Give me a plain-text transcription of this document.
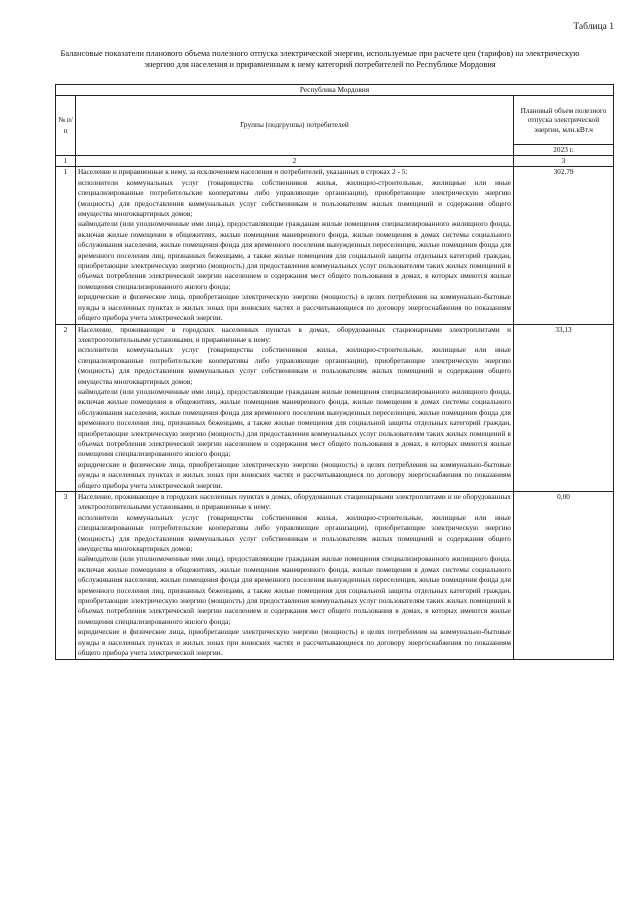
Таблица 1
Балансовые показатели планового объема полезного отпуска электрической энергии, используемые при расчете цен (тарифов) на электрическую энергию для населения и приравненным к нему категорий потребителей по Республике Мордовия
Республика Мордовия		
№ п/п	Группы (подгруппы) потребителей	Плановый объем полезного отпуска электрической энергии, млн.кВт.ч
		2023 г.
1	2	3
1	Население и приравненные к нему, за исключением населения и потребителей, указанных в строках 2 - 5:
исполнители коммунальных услуг (товарищества собственников жилья, жилищно-строительные, жилищные или иные специализированные потребительские кооперативы либо управляющие организации), приобретающие электрическую энергию (мощность) для предоставления коммунальных услуг собственникам и пользователям жилых помещений и содержания общего имущества многоквартирных домов;
наймодатели (или уполномоченные ими лица), предоставляющие гражданам жилые помещения специализированного жилищного фонда, включая жилые помещения в общежитиях, жилые помещения маневренного фонда, жилые помещения в домах системы социального обслуживания населения, жилые помещения фонда для временного поселения вынужденных переселенцев, жилые помещения фонда для временного поселения лиц, признанных беженцами, а также жилые помещения для социальной защиты отдельных категорий граждан, приобретающие электрическую энергию (мощность) для предоставления коммунальных услуг пользователям таких жилых помещений в объемах потребления электрической энергии населением и содержания мест общего пользования в домах, в которых имеются жилые помещения специализированного жилого фонда;
юридические и физические лица, приобретающие электрическую энергию (мощность) в целях потребления на коммунально-бытовые нужды в населенных пунктах и жилых зонах при воинских частях и рассчитывающиеся по договору энергоснабжения по показаниям общего прибора учета электрической энергии.	302,79
2	Население, проживающее в городских населенных пунктах в домах, оборудованных стационарными электроплитами и электроотопительными установками, и приравненные к нему:
исполнители коммунальных услуг (товарищества собственников жилья, жилищно-строительные, жилищные или иные специализированные потребительские кооперативы либо управляющие организации), приобретающие электрическую энергию (мощность) для предоставления коммунальных услуг собственникам и пользователям жилых помещений и содержания общего имущества многоквартирных домов;
наймодатели (или уполномоченные ими лица), предоставляющие гражданам жилые помещения специализированного жилищного фонда, включая жилые помещения в общежитиях, жилые помещения маневренного фонда, жилые помещения в домах системы социального обслуживания населения, жилые помещения фонда для временного поселения вынужденных переселенцев, жилые помещения фонда для временного поселения лиц, признанных беженцами, а также жилые помещения для социальной защиты отдельных категорий граждан, приобретающие электрическую энергию (мощность) для предоставления коммунальных услуг пользователям таких жилых помещений в объемах потребления электрической энергии населением и содержания мест общего пользования в домах, в которых имеются жилые помещения специализированного жилого фонда;
юридические и физические лица, приобретающие электрическую энергию (мощность) в целях потребления на коммунально-бытовые нужды в населенных пунктах и жилых зонах при воинских частях и рассчитывающиеся по договору энергоснабжения по показаниям общего прибора учета электрической энергии.	33,13
3	Население, проживающее в городских населенных пунктах в домах, оборудованных стационарными электроплитами и не оборудованных электроотопительными установками, и приравненные к нему:
исполнители коммунальных услуг (товарищества собственников жилья, жилищно-строительные, жилищные или иные специализированные потребительские кооперативы либо управляющие организации), приобретающие электрическую энергию (мощность) для предоставления коммунальных услуг собственникам и пользователям жилых помещений и содержания общего имущества многоквартирных домов;
наймодатели (или уполномоченные ими лица), предоставляющие гражданам жилые помещения специализированного жилищного фонда, включая жилые помещения в общежитиях, жилые помещения маневренного фонда, жилые помещения в домах системы социального обслуживания населения, жилые помещения фонда для временного поселения вынужденных переселенцев, жилые помещения фонда для временного поселения лиц, признанных беженцами, а также жилые помещения для социальной защиты отдельных категорий граждан, приобретающие электрическую энергию (мощность) для предоставления коммунальных услуг пользователям таких жилых помещений в объемах потребления электрической энергии населением и содержания мест общего пользования в домах, в которых имеются жилые помещения специализированного жилого фонда;
юридические и физические лица, приобретающие электрическую энергию (мощность) в целях потребления на коммунально-бытовые нужды в населенных пунктах и жилых зонах при воинских частях и рассчитывающиеся по договору энергоснабжения по показаниям общего прибора учета электрической энергии.	0,00
